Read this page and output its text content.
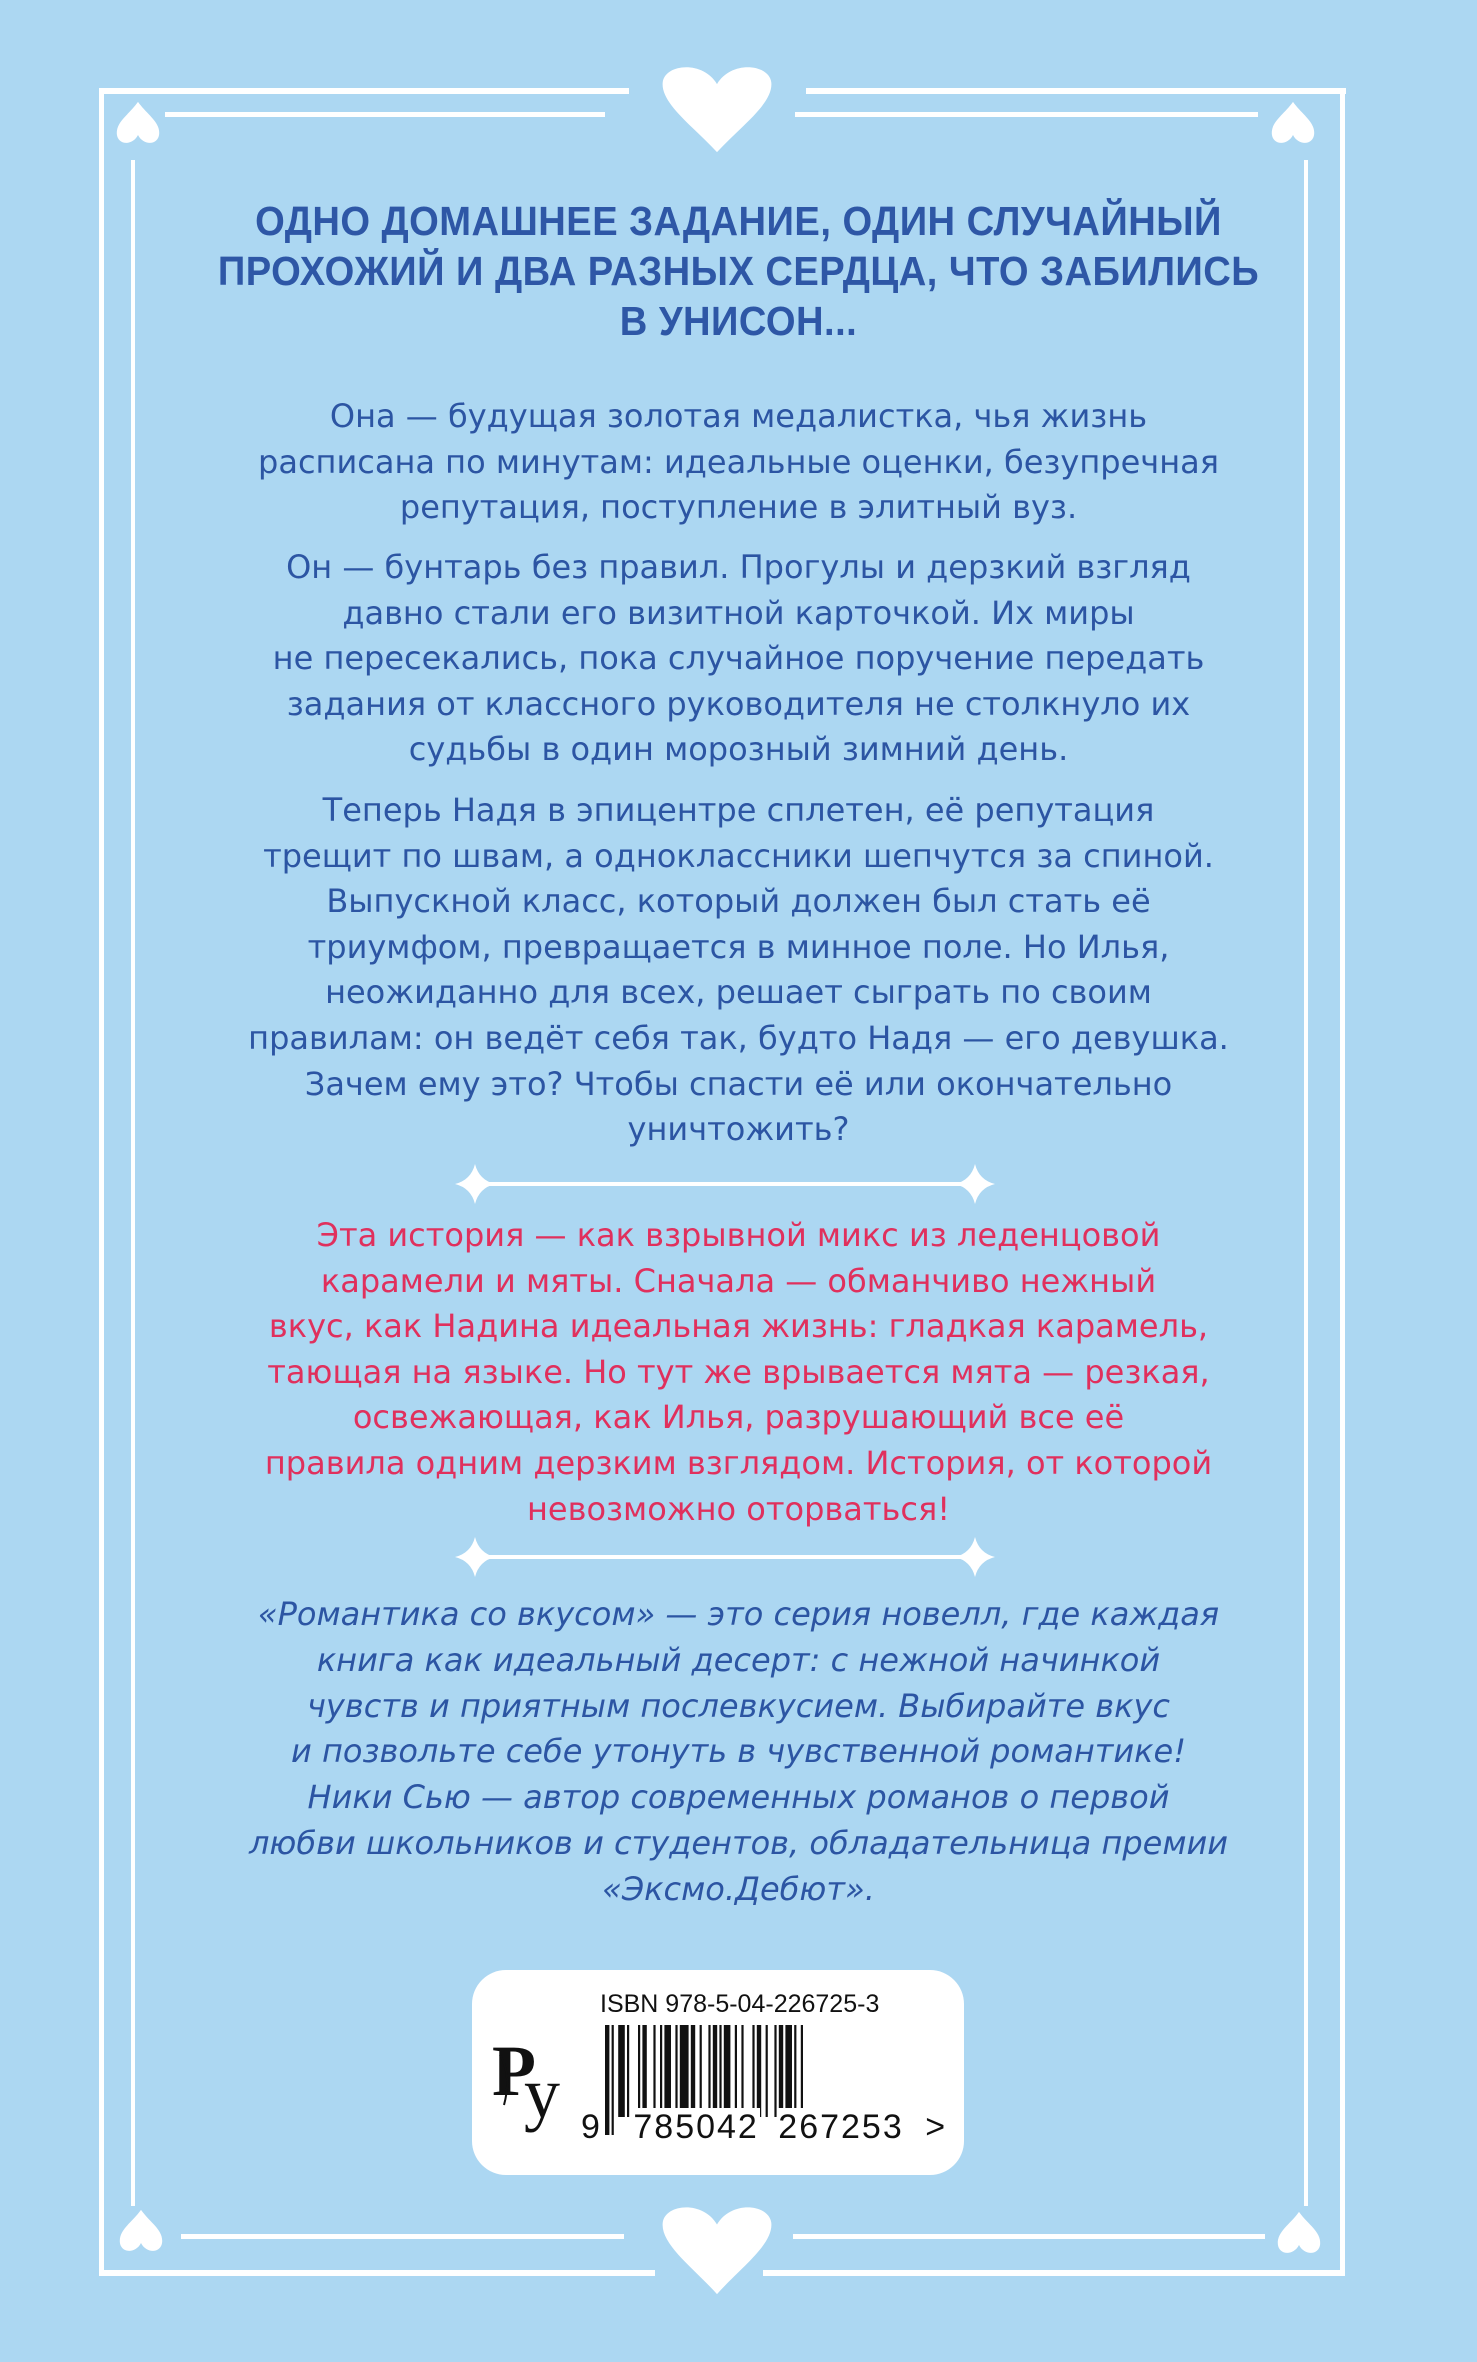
ОДНО ДОМАШНЕЕ ЗАДАНИЕ, ОДИН СЛУЧАЙНЫЙ
ПРОХОЖИЙ И ДВА РАЗНЫХ СЕРДЦА, ЧТО ЗАБИЛИСЬ
В УНИСОН...
Она — будущая золотая медалистка, чья жизнь
расписана по минутам: идеальные оценки, безупречная
репутация, поступление в элитный вуз.
Он — бунтарь без правил. Прогулы и дерзкий взгляд
давно стали его визитной карточкой. Их миры
не пересекались, пока случайное поручение передать
задания от классного руководителя не столкнуло их
судьбы в один морозный зимний день.
Теперь Надя в эпицентре сплетен, её репутация
трещит по швам, а одноклассники шепчутся за спиной.
Выпускной класс, который должен был стать её
триумфом, превращается в минное поле. Но Илья,
неожиданно для всех, решает сыграть по своим
правилам: он ведёт себя так, будто Надя — его девушка.
Зачем ему это? Чтобы спасти её или окончательно
уничтожить?
Эта история — как взрывной микс из леденцовой
карамели и мяты. Сначала — обманчиво нежный
вкус, как Надина идеальная жизнь: гладкая карамель,
тающая на языке. Но тут же врывается мята — резкая,
освежающая, как Илья, разрушающий все её
правила одним дерзким взглядом. История, от которой
невозможно оторваться!
«Романтика со вкусом» — это серия новелл, где каждая
книга как идеальный десерт: с нежной начинкой
чувств и приятным послевкусием. Выбирайте вкус
и позвольте себе утонуть в чувственной романтике!
Ники Сью — автор современных романов о первой
любви школьников и студентов, обладательница премии
«Эксмо.Дебют».
Р
у
ISBN 978-5-04-226725-3
9 785042 267253 >
